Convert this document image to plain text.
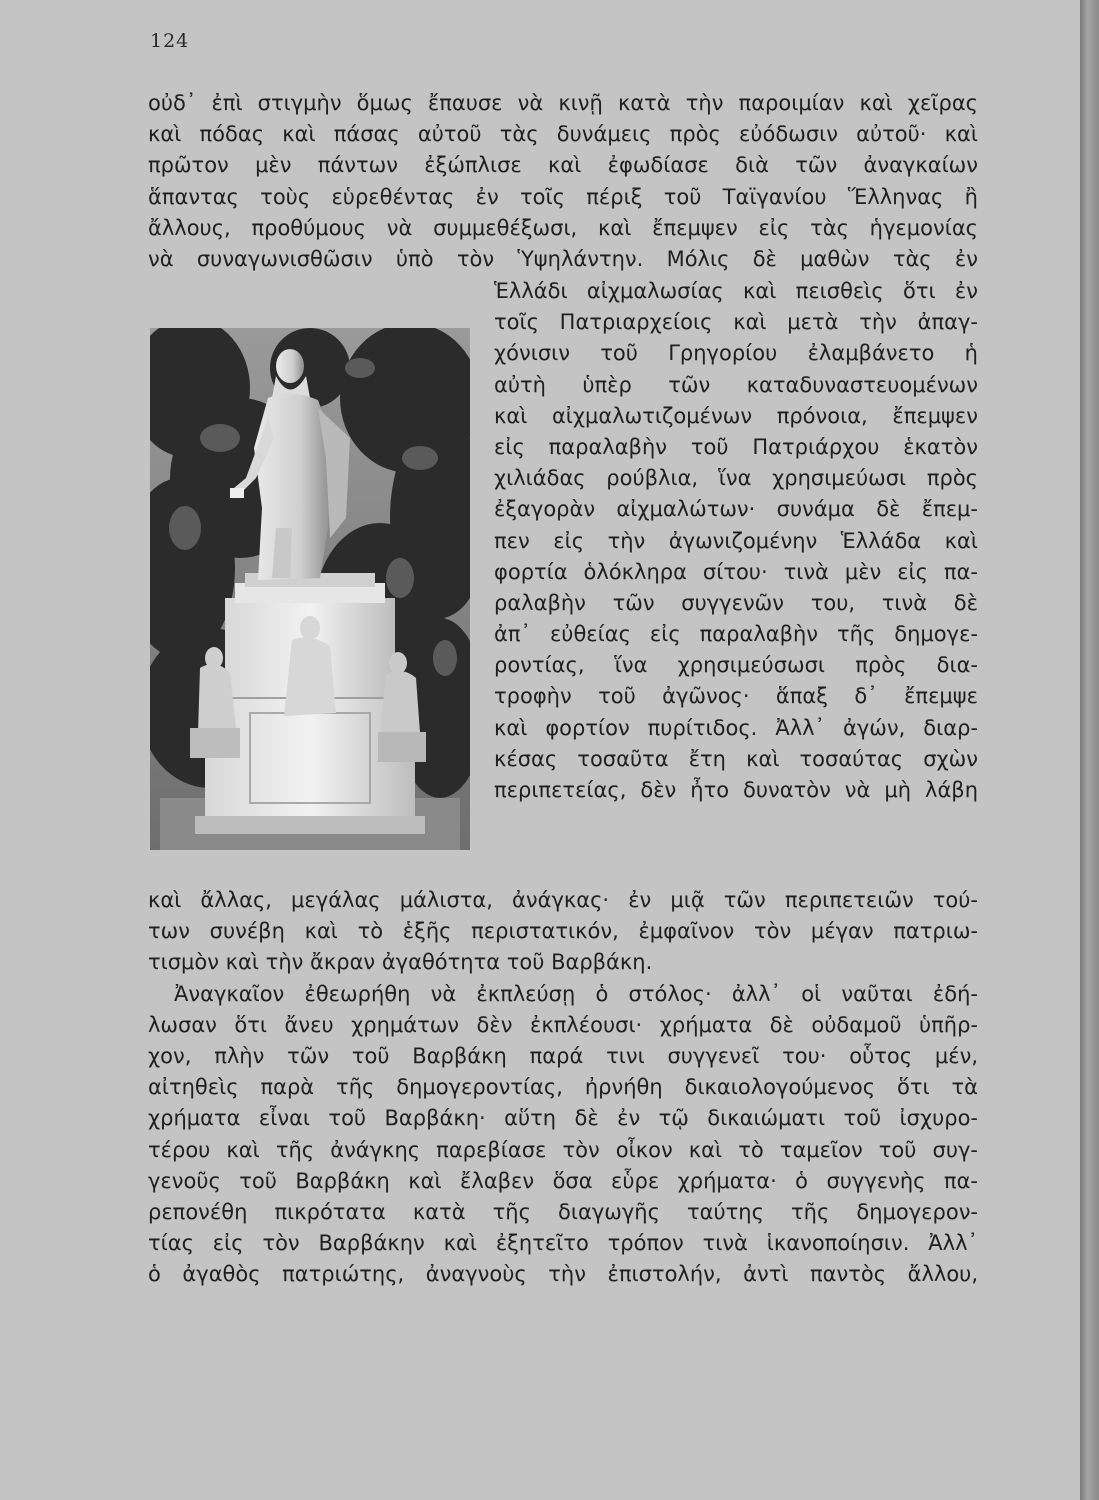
124
οὐδ᾽ ἐπὶ στιγμὴν ὅμως ἔπαυσε νὰ κινῇ κατὰ τὴν παροιμίαν καὶ χεῖρας
καὶ πόδας καὶ πάσας αὐτοῦ τὰς δυνάμεις πρὸς εὐόδωσιν αὐτοῦ· καὶ
πρῶτον μὲν πάντων ἐξώπλισε καὶ ἐφωδίασε διὰ τῶν ἀναγκαίων
ἅπαντας τοὺς εὑρεθέντας ἐν τοῖς πέριξ τοῦ Ταϊγανίου Ἕλληνας ἢ
ἄλλους, προθύμους νὰ συμμεθέξωσι, καὶ ἔπεμψεν εἰς τὰς ἡγεμονίας
νὰ συναγωνισθῶσιν ὑπὸ τὸν Ὑψηλάντην. Μόλις δὲ μαθὼν τὰς ἐν
Ἑλλάδι αἰχμαλωσίας καὶ πεισθεὶς ὅτι ἐν
τοῖς Πατριαρχείοις καὶ μετὰ τὴν ἀπαγ-
χόνισιν τοῦ Γρηγορίου ἐλαμβάνετο ἡ
αὐτὴ ὑπὲρ τῶν καταδυναστευομένων
καὶ αἰχμαλωτιζομένων πρόνοια, ἔπεμψεν
εἰς παραλαβὴν τοῦ Πατριάρχου ἑκατὸν
χιλιάδας ρούβλια, ἵνα χρησιμεύωσι πρὸς
ἐξαγορὰν αἰχμαλώτων· συνάμα δὲ ἔπεμ-
πεν εἰς τὴν ἀγωνιζομένην Ἑλλάδα καὶ
φορτία ὁλόκληρα σίτου· τινὰ μὲν εἰς πα-
ραλαβὴν τῶν συγγενῶν του, τινὰ δὲ
ἀπ᾽ εὐθείας εἰς παραλαβὴν τῆς δημογε-
ροντίας, ἵνα χρησιμεύσωσι πρὸς δια-
τροφὴν τοῦ ἀγῶνος· ἅπαξ δ᾽ ἔπεμψε
καὶ φορτίον πυρίτιδος. Ἀλλ᾽ ἀγών, διαρ-
κέσας τοσαῦτα ἔτη καὶ τοσαύτας σχὼν
περιπετείας, δὲν ἦτο δυνατὸν νὰ μὴ λάβη
καὶ ἄλλας, μεγάλας μάλιστα, ἀνάγκας· ἐν μιᾷ τῶν περιπετειῶν τού-
των συνέβη καὶ τὸ ἑξῆς περιστατικόν, ἐμφαῖνον τὸν μέγαν πατριω-
τισμὸν καὶ τὴν ἄκραν ἀγαθότητα τοῦ Βαρβάκη.
Ἀναγκαῖον ἐθεωρήθη νὰ ἐκπλεύσῃ ὁ στόλος· ἀλλ᾽ οἱ ναῦται ἐδή-
λωσαν ὅτι ἄνευ χρημάτων δὲν ἐκπλέουσι· χρήματα δὲ οὐδαμοῦ ὑπῆρ-
χον, πλὴν τῶν τοῦ Βαρβάκη παρά τινι συγγενεῖ του· οὗτος μέν,
αἰτηθεὶς παρὰ τῆς δημογεροντίας, ἠρνήθη δικαιολογούμενος ὅτι τὰ
χρήματα εἶναι τοῦ Βαρβάκη· αὕτη δὲ ἐν τῷ δικαιώματι τοῦ ἰσχυρο-
τέρου καὶ τῆς ἀνάγκης παρεβίασε τὸν οἶκον καὶ τὸ ταμεῖον τοῦ συγ-
γενοῦς τοῦ Βαρβάκη καὶ ἔλαβεν ὅσα εὗρε χρήματα· ὁ συγγενὴς πα-
ρεπονέθη πικρότατα κατὰ τῆς διαγωγῆς ταύτης τῆς δημογερον-
τίας εἰς τὸν Βαρβάκην καὶ ἐξητεῖτο τρόπον τινὰ ἱκανοποίησιν. Ἀλλ᾽
ὁ ἀγαθὸς πατριώτης, ἀναγνοὺς τὴν ἐπιστολήν, ἀντὶ παντὸς ἄλλου,
